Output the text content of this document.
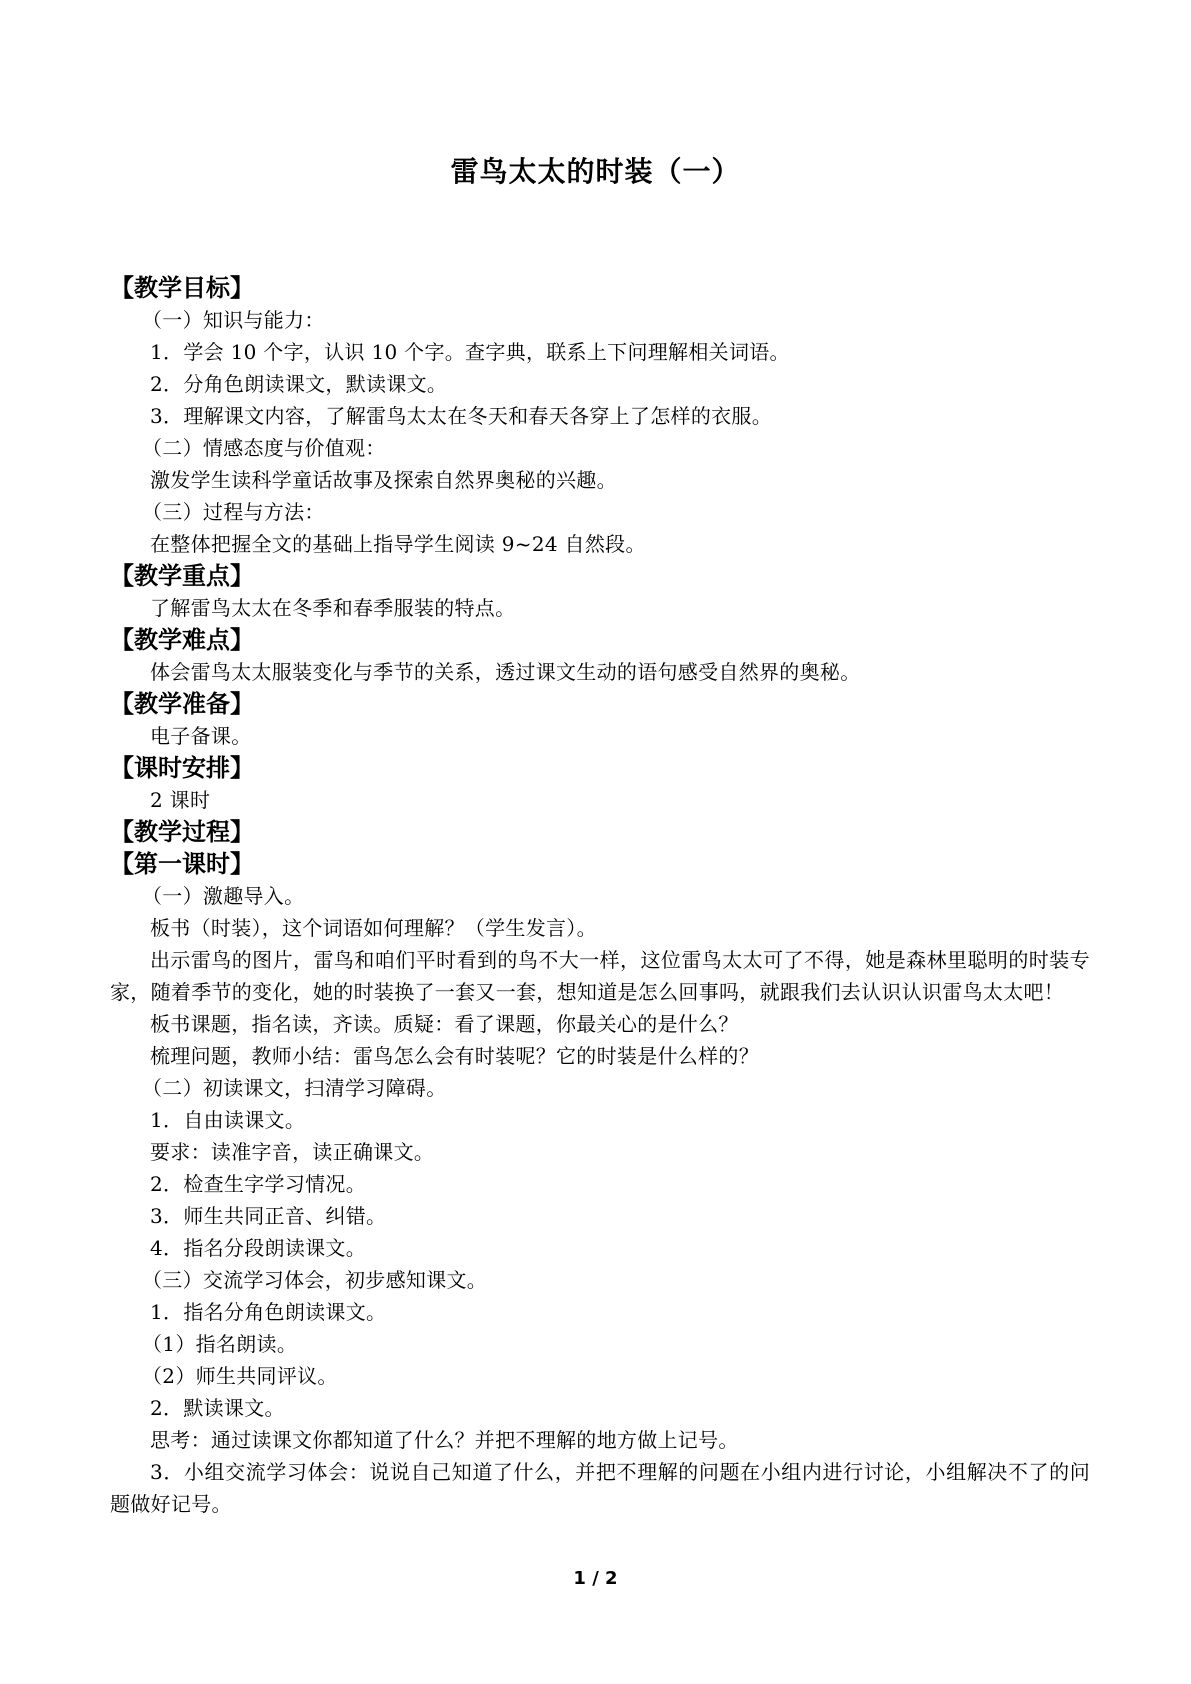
雷鸟太太的时装（一）
【教学目标】
（一）知识与能力：
1．学会 10 个字，认识 10 个字。查字典，联系上下问理解相关词语。
2．分角色朗读课文，默读课文。
3．理解课文内容，了解雷鸟太太在冬天和春天各穿上了怎样的衣服。
（二）情感态度与价值观：
激发学生读科学童话故事及探索自然界奥秘的兴趣。
（三）过程与方法：
在整体把握全文的基础上指导学生阅读 9~24 自然段。
【教学重点】
了解雷鸟太太在冬季和春季服装的特点。
【教学难点】
体会雷鸟太太服装变化与季节的关系，透过课文生动的语句感受自然界的奥秘。
【教学准备】
电子备课。
【课时安排】
2 课时
【教学过程】
【第一课时】
（一）激趣导入。
板书（时装），这个词语如何理解？（学生发言）。
出示雷鸟的图片，雷鸟和咱们平时看到的鸟不大一样，这位雷鸟太太可了不得，她是森林里聪明的时装专家，随着季节的变化，她的时装换了一套又一套，想知道是怎么回事吗，就跟我们去认识认识雷鸟太太吧！
板书课题，指名读，齐读。质疑：看了课题，你最关心的是什么？
梳理问题，教师小结：雷鸟怎么会有时装呢？它的时装是什么样的？
（二）初读课文，扫清学习障碍。
1．自由读课文。
要求：读准字音，读正确课文。
2．检查生字学习情况。
3．师生共同正音、纠错。
4．指名分段朗读课文。
（三）交流学习体会，初步感知课文。
1．指名分角色朗读课文。
（1）指名朗读。
（2）师生共同评议。
2．默读课文。
思考：通过读课文你都知道了什么？并把不理解的地方做上记号。
3．小组交流学习体会：说说自己知道了什么，并把不理解的问题在小组内进行讨论，小组解决不了的问题做好记号。
1 / 2
